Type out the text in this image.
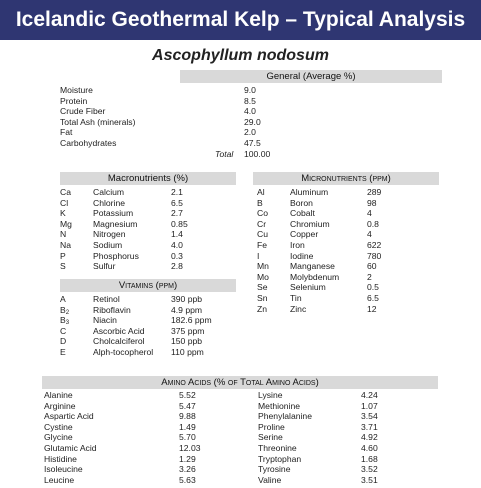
Icelandic Geothermal Kelp – Typical Analysis
Ascophyllum nodosum
General (Average %)
Moisture	9.0
Protein	8.5
Crude Fiber	4.0
Total Ash (minerals)	29.0
Fat	2.0
Carbohydrates	47.5
Total 100.00
Macronutrients (%)
Ca	Calcium	2.1
Cl	Chlorine	6.5
K	Potassium	2.7
Mg Magnesium	0.85
N	Nitrogen	1.4
Na	Sodium	4.0
P	Phosphorus	0.3
S	Sulfur	2.8
Vitamins (ppm)
A	Retinol	390 ppb
$B_2$	Riboflavin	4.9 ppm
$B_3$	Niacin	182.6 ppm
C	Ascorbic Acid	375 ppm
D	Cholcalciferol	150 ppb
E	Alph-tocopherol 110 ppm
Micronutrients (ppm)
Al	Aluminum	289
B	Boron	98
Co	Cobalt	4
Cr	Chromium	0.8
Cu	Copper	4
Fe	Iron	622
I	Iodine	780
Mn Manganese	60
Mo Molybdenum	2
Se	Selenium	0.5
Sn	Tin	6.5
Zn	Zinc	12
Amino Acids (% of Total Amino Acids)
Alanine	5.52
Arginine	5.47
Aspartic Acid	9.88
Cystine	1.49
Glycine	5.70
Glutamic Acid	12.03
Histidine	1.29
Isoleucine	3.26
Leucine	5.63
Lysine	4.24
Methionine	1.07
Phenylalanine	3.54
Proline	3.71
Serine	4.92
Threonine	4.60
Tryptophan	1.68
Tyrosine	3.52
Valine	3.51
